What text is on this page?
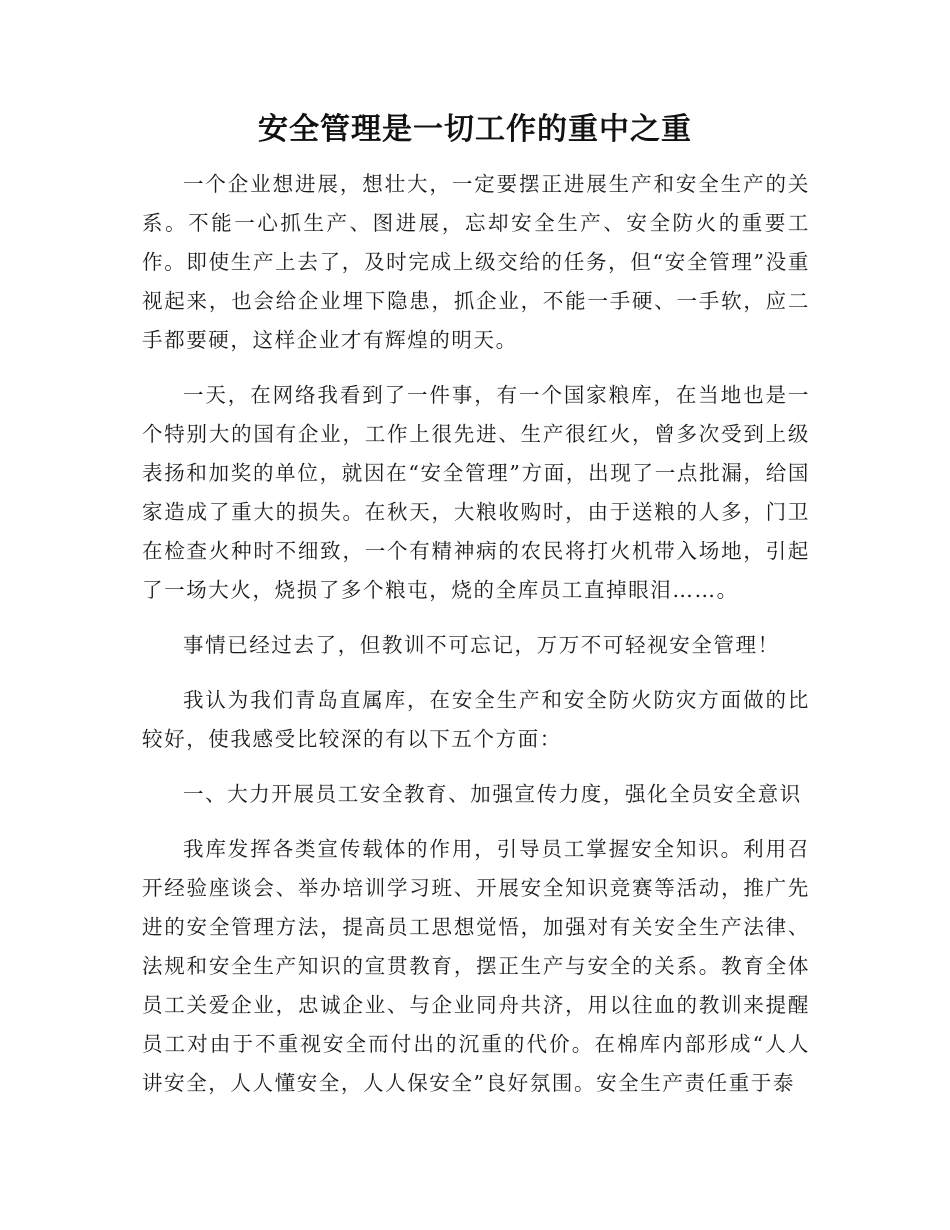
安全管理是一切工作的重中之重

一个企业想进展，想壮大，一定要摆正进展生产和安全生产的关系。不能一心抓生产、图进展，忘却安全生产、安全防火的重要工作。即使生产上去了，及时完成上级交给的任务，但“安全管理”没重视起来，也会给企业埋下隐患，抓企业，不能一手硬、一手软，应二手都要硬，这样企业才有辉煌的明天。

一天，在网络我看到了一件事，有一个国家粮库，在当地也是一个特别大的国有企业，工作上很先进、生产很红火，曾多次受到上级表扬和加奖的单位，就因在“安全管理”方面，出现了一点批漏，给国家造成了重大的损失。在秋天，大粮收购时，由于送粮的人多，门卫在检查火种时不细致，一个有精神病的农民将打火机带入场地，引起了一场大火，烧损了多个粮屯，烧的全库员工直掉眼泪……。

事情已经过去了，但教训不可忘记，万万不可轻视安全管理！

我认为我们青岛直属库，在安全生产和安全防火防灾方面做的比较好，使我感受比较深的有以下五个方面：

一、大力开展员工安全教育、加强宣传力度，强化全员安全意识

我库发挥各类宣传载体的作用，引导员工掌握安全知识。利用召开经验座谈会、举办培训学习班、开展安全知识竞赛等活动，推广先进的安全管理方法，提高员工思想觉悟，加强对有关安全生产法律、法规和安全生产知识的宣贯教育，摆正生产与安全的关系。教育全体员工关爱企业，忠诚企业、与企业同舟共济，用以往血的教训来提醒员工对由于不重视安全而付出的沉重的代价。在棉库内部形成“人人讲安全，人人懂安全，人人保安全”良好氛围。安全生产责任重于泰
